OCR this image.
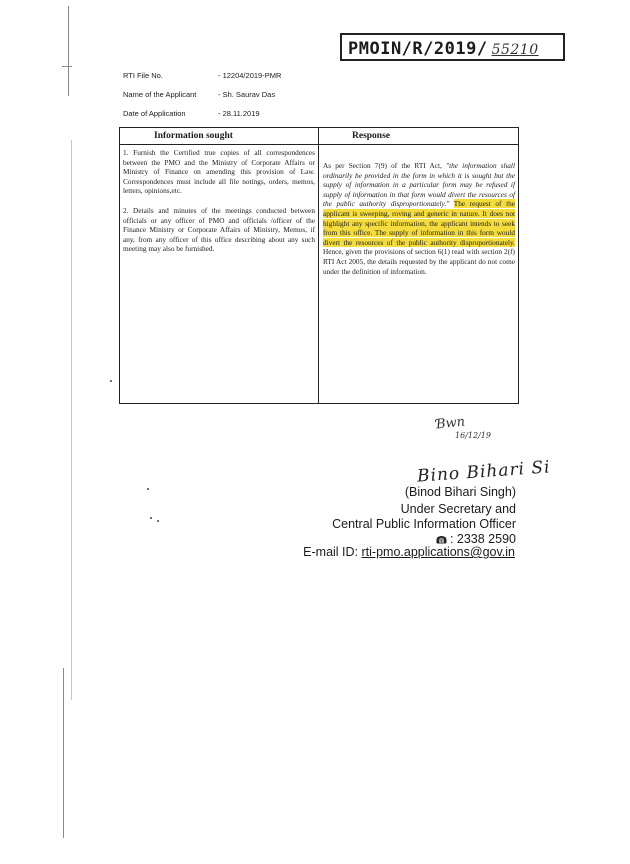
PMOIN/R/2019/ 55210
RTI File No.	- 12204/2019-PMR
Name of the Applicant	- Sh. Saurav Das
Date of Application	- 28.11.2019
Information sought	Response

1. Furnish the Certified true copies of all correspondences between the PMO and the Ministry of Corporate Affairs or Ministry of Finance on amending this provision of Law. Correspondences must include all file notings, orders, memos, letters, opinions,etc.

2. Details and minutes of the meetings conducted between officials or any officer of PMO and officials /officer of the Finance Ministry or Corporate Affairs of Ministry, Memos, if any, from any officer of this office describing about any such meeting may also be furnished.

As per Section 7(9) of the RTI Act, "the information shall ordinarily be provided in the form in which it is sought but the supply of information in a particular form may be refused if supply of information in that form would divert the resources of the public authority disproportionately." The request of the applicant is sweeping, roving and generic in nature. It does not highlight any specific information, the applicant intends to seek from this office. The supply of information in this form would divert the resources of the public authority disproportionately. Hence, given the provisions of section 6(1) read with section 2(f) RTI Act 2005, the details requested by the applicant do not come under the definition of information.

Ɓwn
16/12/19
Bino Bihari Si
(Binod Bihari Singh)
Under Secretary and
Central Public Information Officer
: 2338 2590
E-mail ID: rti-pmo.applications@gov.in
